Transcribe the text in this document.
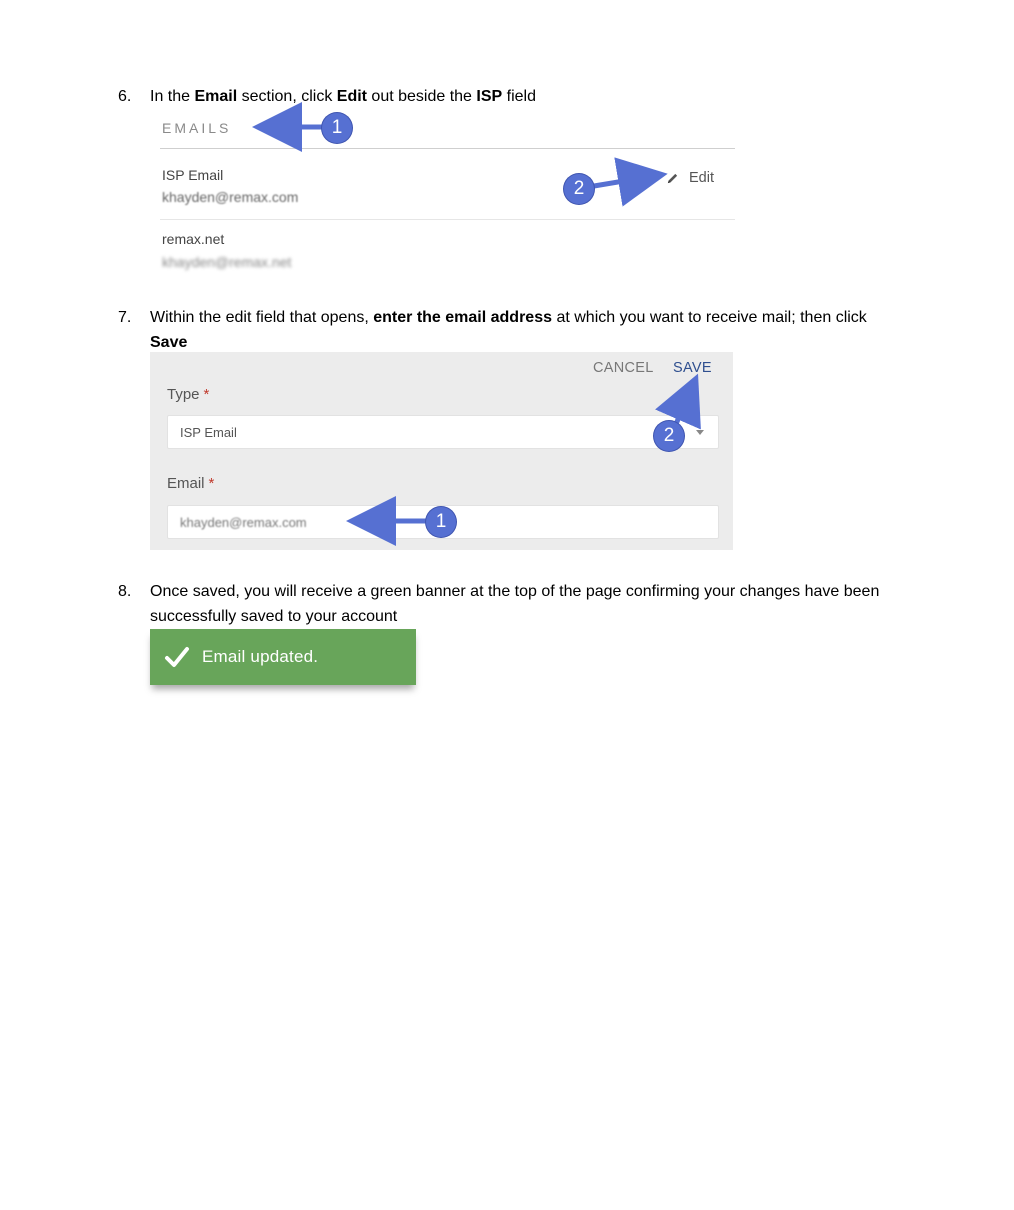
6. In the Email section, click Edit out beside the ISP field
EMAILS
ISP Email
khayden@remax.com
Edit
remax.net
khayden@remax.net
7. Within the edit field that opens, enter the email address at which you want to receive mail; then click Save
CANCEL SAVE
Type *
ISP Email
Email *
khayden@remax.com
8. Once saved, you will receive a green banner at the top of the page confirming your changes have been successfully saved to your account
Email updated.
1
2
2
1
